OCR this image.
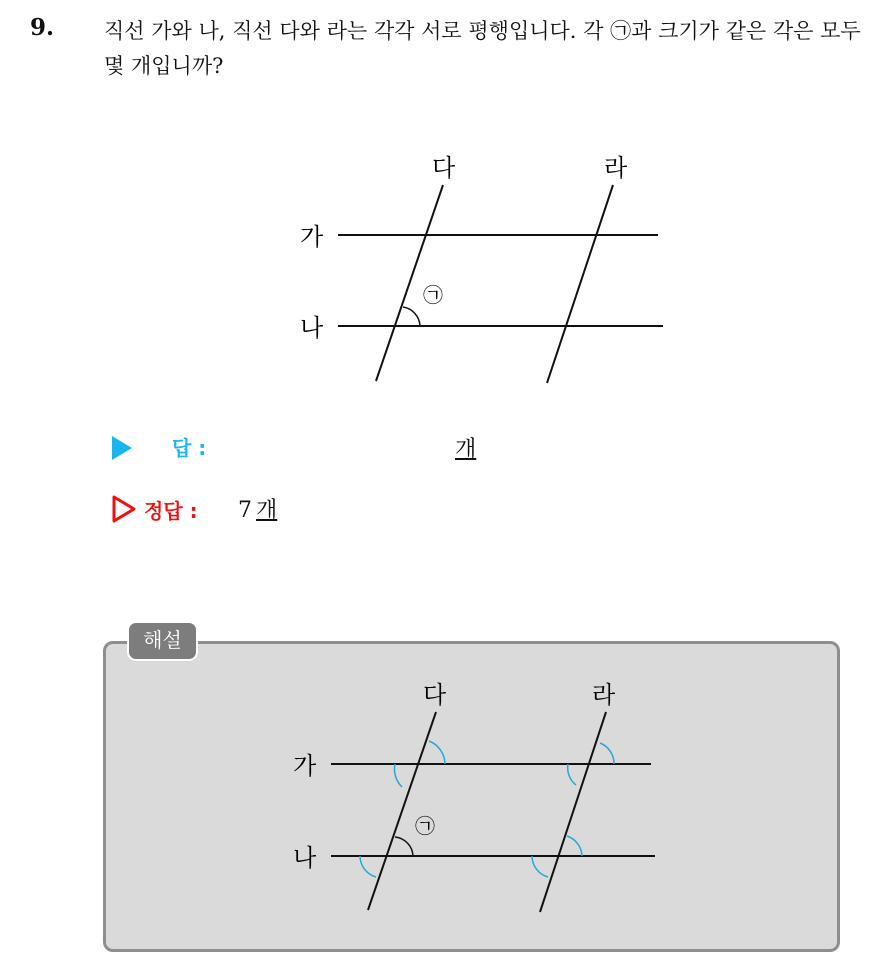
9. 직선 가와 나, 직선 다와 라는 각각 서로 평행입니다. 각 ㉠과 크기가 같은 각은 모두 몇 개입니까?
가
나
다	라
㉠
답 :	개
정답 : 7 개
해설
가
나
다	라
㉠
